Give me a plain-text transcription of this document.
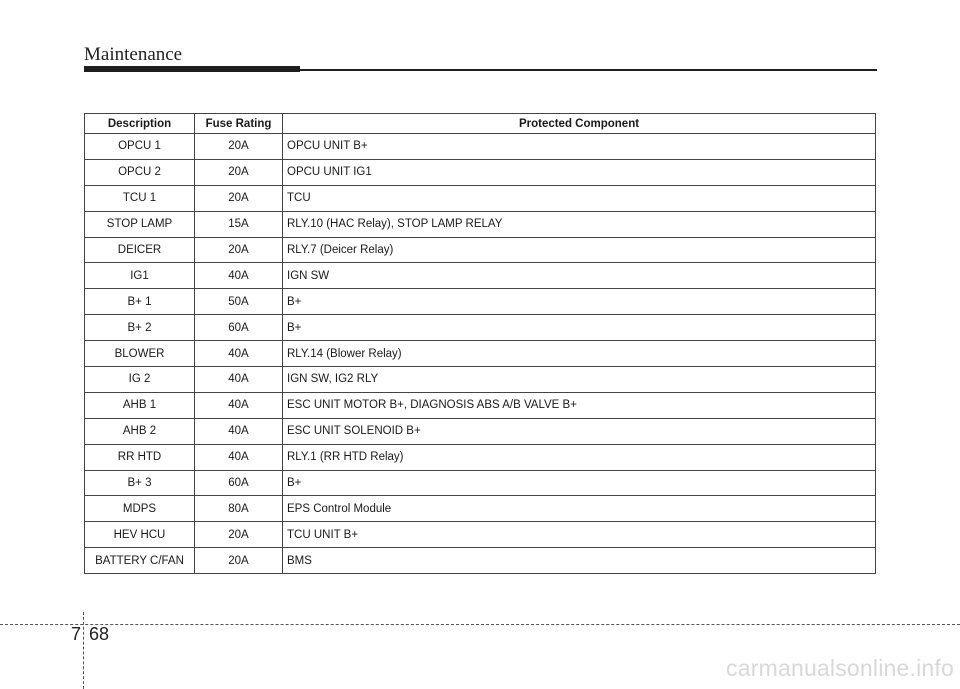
Maintenance
Description	Fuse Rating	Protected Component
OPCU 1	20A	OPCU UNIT B+
OPCU 2	20A	OPCU UNIT IG1
TCU 1	20A	TCU
STOP LAMP	15A	RLY.10 (HAC Relay), STOP LAMP RELAY
DEICER	20A	RLY.7 (Deicer Relay)
IG1	40A	IGN SW
B+ 1	50A	B+
B+ 2	60A	B+
BLOWER	40A	RLY.14 (Blower Relay)
IG 2	40A	IGN SW, IG2 RLY
AHB 1	40A	ESC UNIT MOTOR B+, DIAGNOSIS ABS A/B VALVE B+
AHB 2	40A	ESC UNIT SOLENOID B+
RR HTD	40A	RLY.1 (RR HTD Relay)
B+ 3	60A	B+
MDPS	80A	EPS Control Module
HEV HCU	20A	TCU UNIT B+
BATTERY C/FAN	20A	BMS
7 68
carmanualsonline.info
